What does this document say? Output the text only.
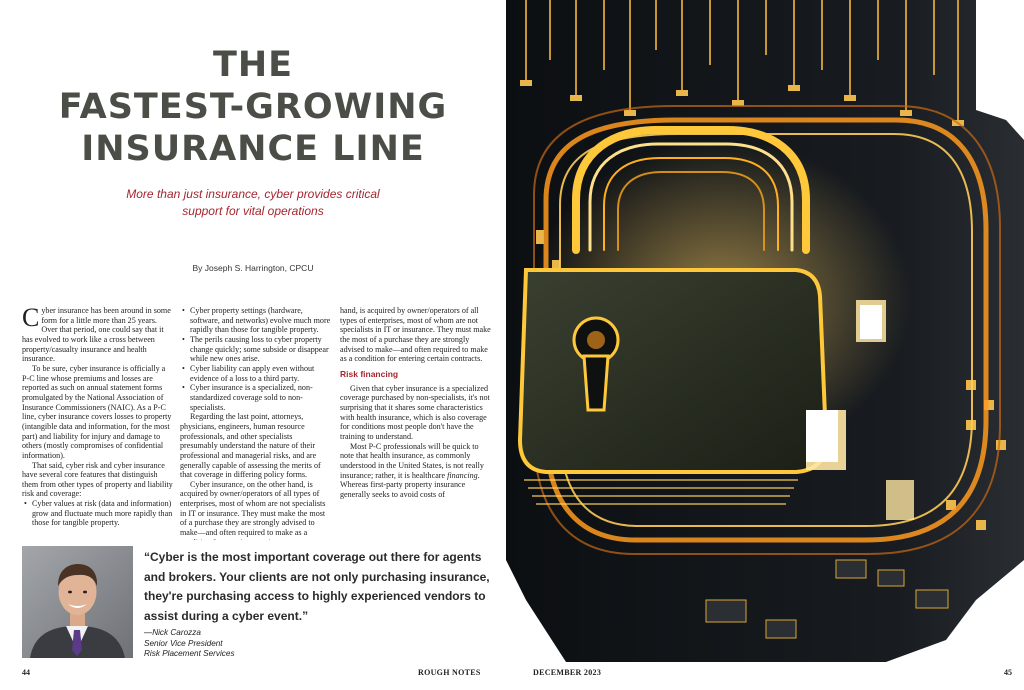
THE
FASTEST-GROWING
INSURANCE LINE

More than just insurance, cyber provides critical support for vital operations

By Joseph S. Harrington, CPCU

Cyber insurance has been around in some form for a little more than 25 years. Over that period, one could say that it has evolved to work like a cross between property/casualty insurance and health insurance.

To be sure, cyber insurance is officially a P-C line whose premiums and losses are reported as such on annual statement forms promulgated by the National Association of Insurance Commissioners (NAIC). As a P-C line, cyber insurance covers losses to property (intangible data and information, for the most part) and liability for injury and damage to others (mostly compromises of confidential information).

That said, cyber risk and cyber insurance have several core features that distinguish them from other types of property and liability risk and coverage:

• Cyber values at risk (data and information) grow and fluctuate much more rapidly than those for tangible property.
• Cyber property settings (hardware, software, and networks) evolve much more rapidly than those for tangible property.
• The perils causing loss to cyber property change quickly; some subside or disappear while new ones arise.
• Cyber liability can apply even without evidence of a loss to a third party.
• Cyber insurance is a specialized, non-standardized coverage sold to non-specialists.

Regarding the last point, attorneys, physicians, engineers, human resource professionals, and other specialists presumably understand the nature of their professional and managerial risks, and are generally capable of assessing the merits of that coverage in differing policy forms.

Cyber insurance, on the other hand, is acquired by owner/operators of all types of enterprises, most of whom are not specialists in IT or insurance. They must make the most of a purchase they are strongly advised to make—and often required to make as a

hand, is acquired by owner/operators of all types of enterprises, most of whom are not specialists in IT or insurance. They must make the most of a purchase they are strongly advised to make—and often required to make as a condition for entering certain contracts.

Risk financing

Given that cyber insurance is a specialized coverage purchased by non-specialists, it's not surprising that it shares some characteristics with health insurance, which is also coverage for conditions most people don't have the training to understand.

Most P-C professionals will be quick to note that health insurance, as commonly understood in the United States, is not really insurance; rather, it is healthcare financing. Whereas first-party property insurance generally seeks to avoid costs of

“Cyber is the most important coverage out there for agents and brokers. Your clients are not only purchasing insurance, they're purchasing access to highly experienced vendors to assist during a cyber event.”

—Nick Carozza
Senior Vice President
Risk Placement Services
44	ROUGH NOTES	DECEMBER 2023	45
